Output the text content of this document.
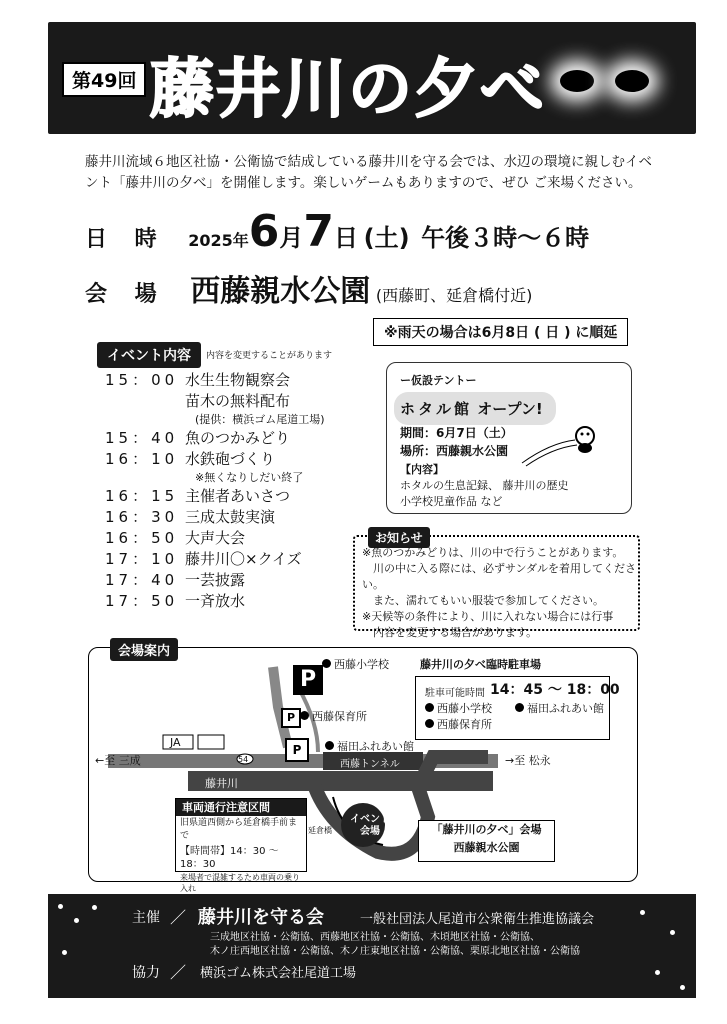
第49回 藤井川の夕べ
藤井川流域６地区社協・公衛協で結成している藤井川を守る会では、水辺の環境に親しむイベント「藤井川の夕べ」を開催します。楽しいゲームもありますので、ぜひ ご来場ください。
日 時 2025年6月7日 (土) 午後３時〜６時
会 場 西藤親水公園 (西藤町、延倉橋付近)
※雨天の場合は6月8日 ( 日 ) に順延
イベント内容	内容を変更することがあります
15：00 水生生物観察会
苗木の無料配布
(提供：横浜ゴム尾道工場)
15：40 魚のつかみどり
16：10 水鉄砲づくり
※無くなりしだい終了
16：15 主催者あいさつ
16：30 三成太鼓実演
16：50 大声大会
17：10 藤井川〇×クイズ
17：40 一芸披露
17：50 一斉放水
ー仮設テントー
ホタル館 オープン!
期間：6月7日（土）
場所：西藤親水公園
【内容】
ホタルの生息記録、 藤井川の歴史
小学校児童作品 など
お知らせ
※魚のつかみどりは、川の中で行うことがあります。
　川の中に入る際には、必ずサンダルを着用してください。
　また、濡れてもいい服装で参加してください。
※天候等の条件により、川に入れない場合には行事
　内容を変更する場合があります。
会場案内
P
P
P
西藤小学校
西藤保育所
福田ふれあい館
JA
54
←至 三成	→至 松永
西藤トンネル
藤井川
延倉橋
イベント
会場
藤井川の夕べ臨時駐車場
駐車可能時間 14：45 〜 18：00
西藤小学校	福田ふれあい館
西藤保育所
車両通行注意区間
旧県道西側から延倉橋手前まで
【時間帯】14：30 〜 18：30
来場者で混雑するため車両の乗り入れ

「藤井川の夕べ」会場
西藤親水公園
主催 ／ 藤井川を守る会	一般社団法人尾道市公衆衛生推進協議会
三成地区社協・公衛協、西藤地区社協・公衛協、木頃地区社協・公衛協、
木ノ庄西地区社協・公衛協、木ノ庄東地区社協・公衛協、栗原北地区社協・公衛協
協力 ／ 横浜ゴム株式会社尾道工場
